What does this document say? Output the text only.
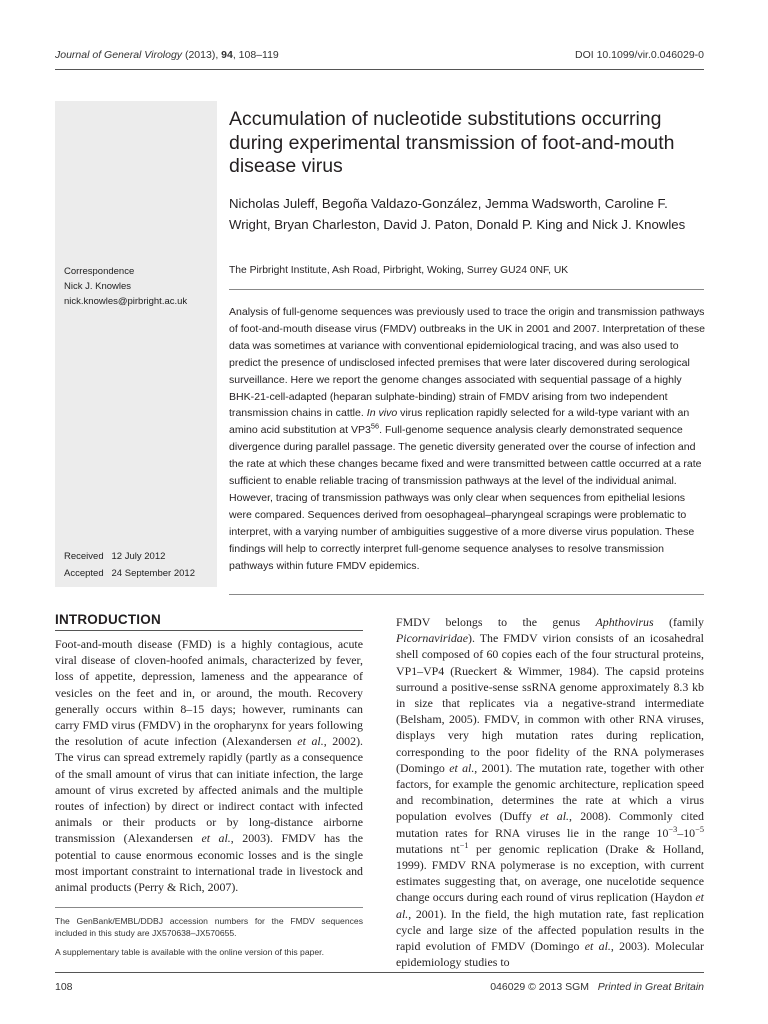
Journal of General Virology (2013), 94, 108–119	DOI 10.1099/vir.0.046029-0
Correspondence
Nick J. Knowles
nick.knowles@pirbright.ac.uk
Received   12 July 2012
Accepted   24 September 2012
Accumulation of nucleotide substitutions occurring during experimental transmission of foot-and-mouth disease virus
Nicholas Juleff, Begoña Valdazo-González, Jemma Wadsworth, Caroline F. Wright, Bryan Charleston, David J. Paton, Donald P. King and Nick J. Knowles
The Pirbright Institute, Ash Road, Pirbright, Woking, Surrey GU24 0NF, UK
Analysis of full-genome sequences was previously used to trace the origin and transmission pathways of foot-and-mouth disease virus (FMDV) outbreaks in the UK in 2001 and 2007. Interpretation of these data was sometimes at variance with conventional epidemiological tracing, and was also used to predict the presence of undisclosed infected premises that were later discovered during serological surveillance. Here we report the genome changes associated with sequential passage of a highly BHK-21-cell-adapted (heparan sulphate-binding) strain of FMDV arising from two independent transmission chains in cattle. In vivo virus replication rapidly selected for a wild-type variant with an amino acid substitution at $VP3^{56}$. Full-genome sequence analysis clearly demonstrated sequence divergence during parallel passage. The genetic diversity generated over the course of infection and the rate at which these changes became fixed and were transmitted between cattle occurred at a rate sufficient to enable reliable tracing of transmission pathways at the level of the individual animal. However, tracing of transmission pathways was only clear when sequences from epithelial lesions were compared. Sequences derived from oesophageal–pharyngeal scrapings were problematic to interpret, with a varying number of ambiguities suggestive of a more diverse virus population. These findings will help to correctly interpret full-genome sequence analyses to resolve transmission pathways within future FMDV epidemics.
INTRODUCTION
Foot-and-mouth disease (FMD) is a highly contagious, acute viral disease of cloven-hoofed animals, characterized by fever, loss of appetite, depression, lameness and the appearance of vesicles on the feet and in, or around, the mouth. Recovery generally occurs within 8–15 days; however, ruminants can carry FMD virus (FMDV) in the oropharynx for years following the resolution of acute infection (Alexandersen et al., 2002). The virus can spread extremely rapidly (partly as a consequence of the small amount of virus that can initiate infection, the large amount of virus excreted by affected animals and the multiple routes of infection) by direct or indirect contact with infected animals or their products or by long-distance airborne transmission (Alexandersen et al., 2003). FMDV has the potential to cause enormous economic losses and is the single most important constraint to international trade in livestock and animal products (Perry & Rich, 2007).
The GenBank/EMBL/DDBJ accession numbers for the FMDV sequences included in this study are JX570638–JX570655.
A supplementary table is available with the online version of this paper.
FMDV belongs to the genus Aphthovirus (family Picornaviridae). The FMDV virion consists of an icosahedral shell composed of 60 copies each of the four structural proteins, VP1–VP4 (Rueckert & Wimmer, 1984). The capsid proteins surround a positive-sense ssRNA genome approximately 8.3 kb in size that replicates via a negative-strand intermediate (Belsham, 2005). FMDV, in common with other RNA viruses, displays very high mutation rates during replication, corresponding to the poor fidelity of the RNA polymerases (Domingo et al., 2001). The mutation rate, together with other factors, for example the genomic architecture, replication speed and recombination, determines the rate at which a virus population evolves (Duffy et al., 2008). Commonly cited mutation rates for RNA viruses lie in the range $10^{-3}-10^{-5}$ mutations $nt^{-1}$ per genomic replication (Drake & Holland, 1999). FMDV RNA polymerase is no exception, with current estimates suggesting that, on average, one nucelotide sequence change occurs during each round of virus replication (Haydon et al., 2001). In the field, the high mutation rate, fast replication cycle and large size of the affected population results in the rapid evolution of FMDV (Domingo et al., 2003). Molecular epidemiology studies to
108	046029 © 2013 SGM Printed in Great Britain
